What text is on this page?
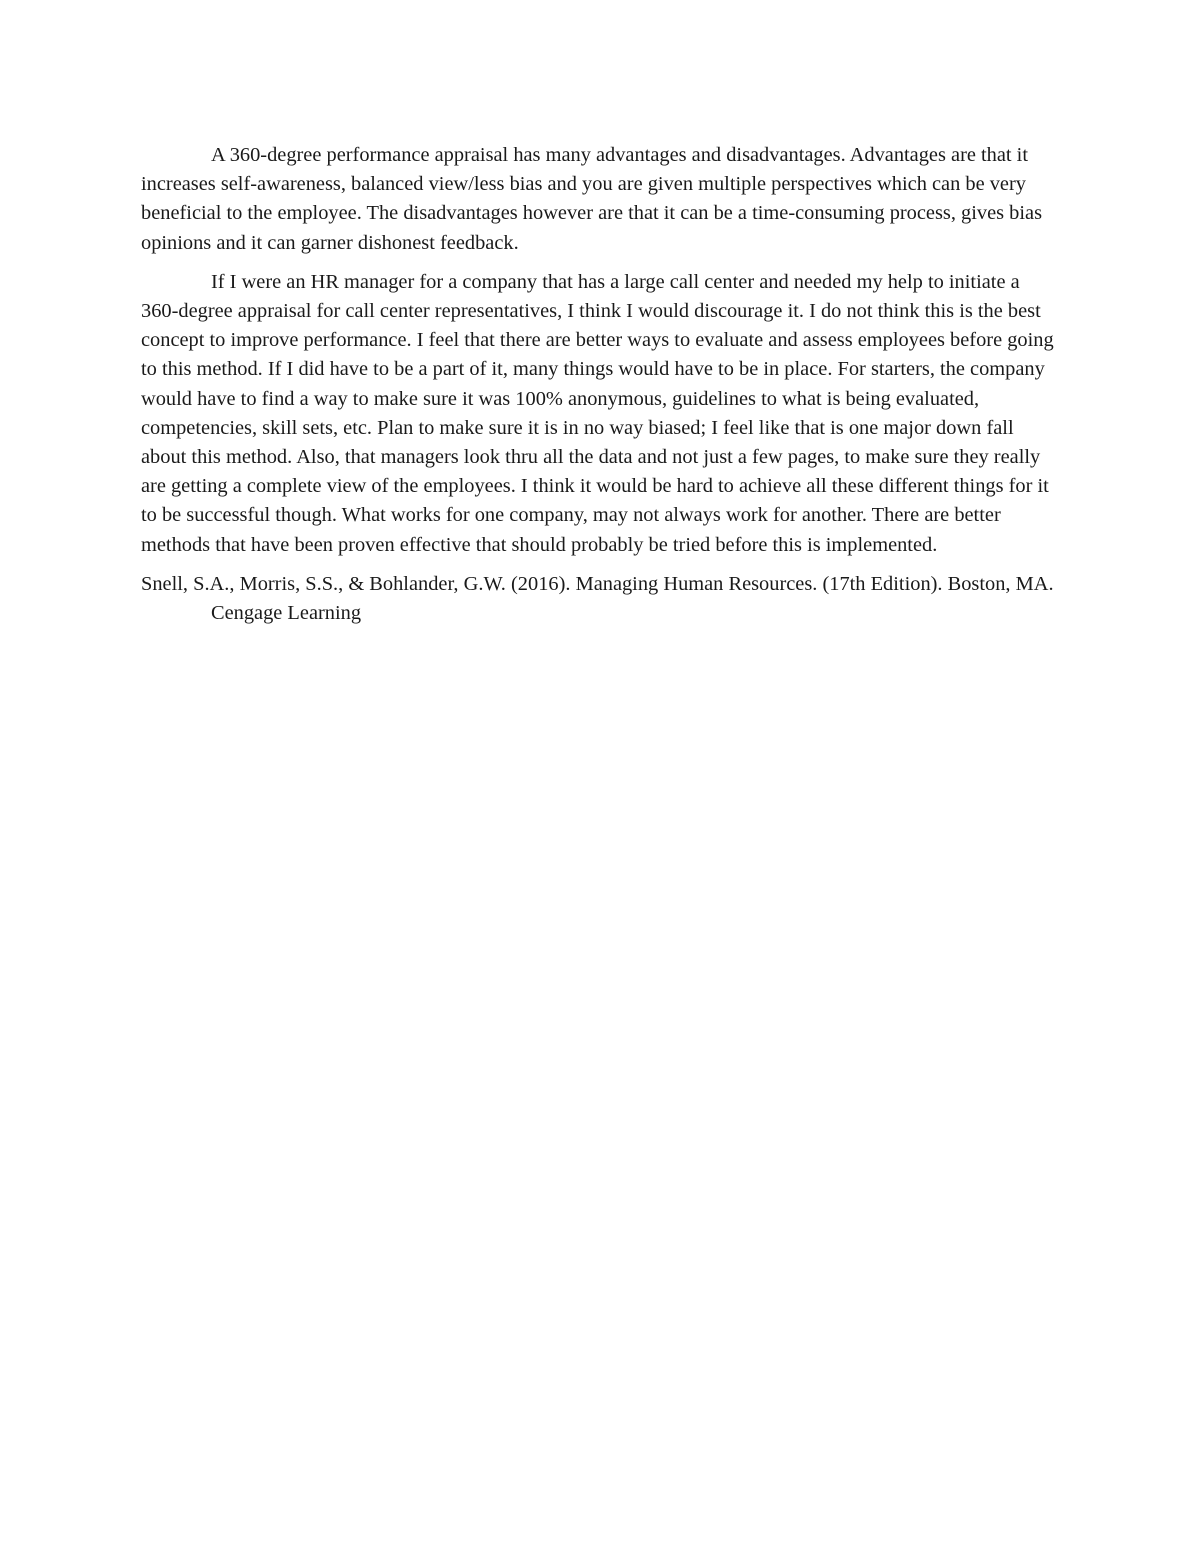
A 360-degree performance appraisal has many advantages and disadvantages. Advantages are that it increases self-awareness, balanced view/less bias and you are given multiple perspectives which can be very beneficial to the employee. The disadvantages however are that it can be a time-consuming process, gives bias opinions and it can garner dishonest feedback.

If I were an HR manager for a company that has a large call center and needed my help to initiate a 360-degree appraisal for call center representatives, I think I would discourage it. I do not think this is the best concept to improve performance. I feel that there are better ways to evaluate and assess employees before going to this method. If I did have to be a part of it, many things would have to be in place. For starters, the company would have to find a way to make sure it was 100% anonymous, guidelines to what is being evaluated, competencies, skill sets, etc. Plan to make sure it is in no way biased; I feel like that is one major down fall about this method. Also, that managers look thru all the data and not just a few pages, to make sure they really are getting a complete view of the employees. I think it would be hard to achieve all these different things for it to be successful though. What works for one company, may not always work for another. There are better methods that have been proven effective that should probably be tried before this is implemented.

Snell, S.A., Morris, S.S., & Bohlander, G.W. (2016). Managing Human Resources. (17th Edition). Boston, MA. Cengage Learning
